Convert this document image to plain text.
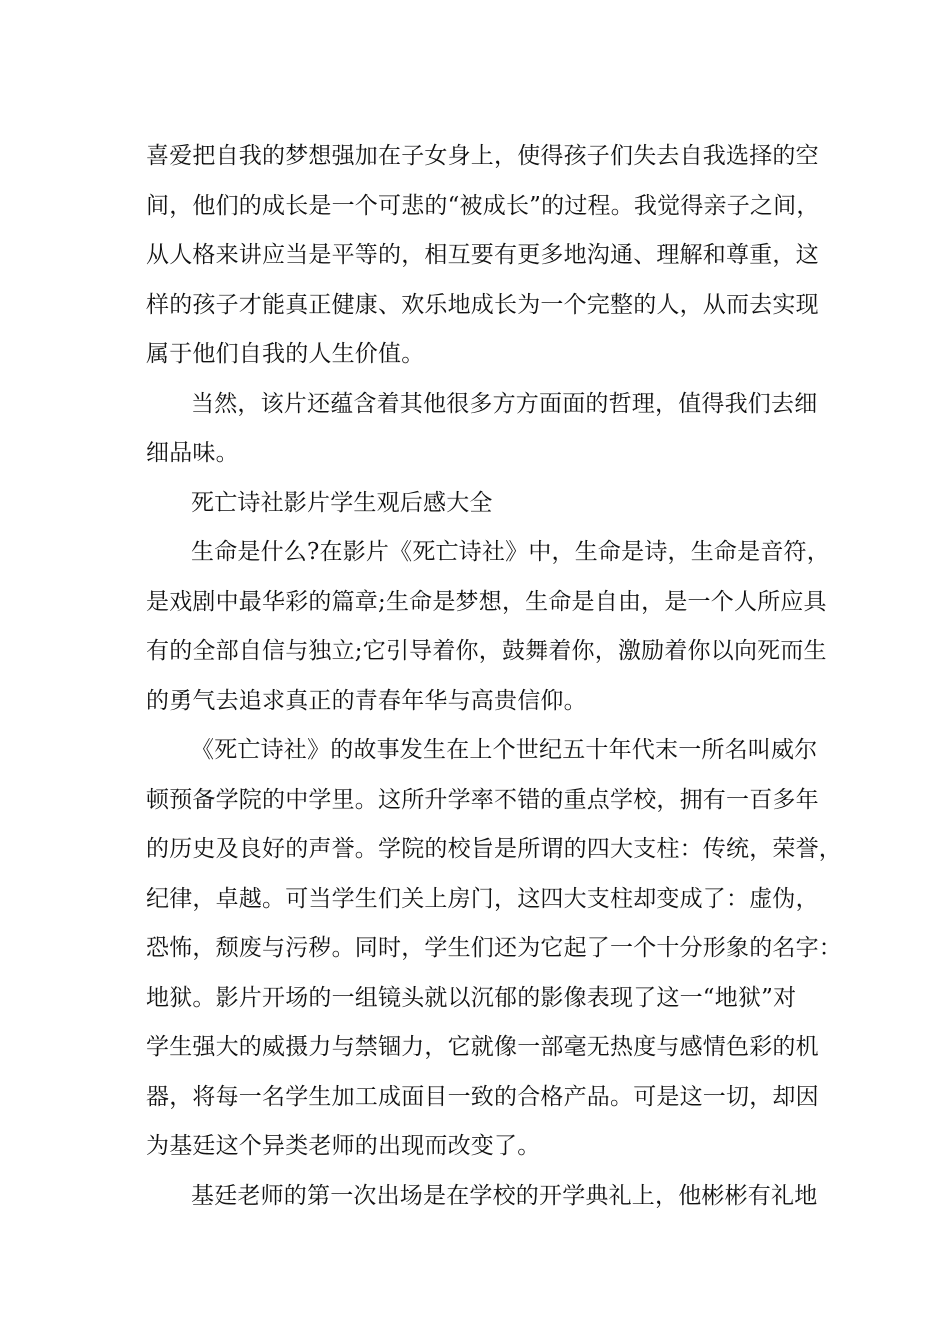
喜爱把自我的梦想强加在子女身上，使得孩子们失去自我选择的空
间，他们的成长是一个可悲的“被成长”的过程。我觉得亲子之间，
从人格来讲应当是平等的，相互要有更多地沟通、理解和尊重，这
样的孩子才能真正健康、欢乐地成长为一个完整的人，从而去实现
属于他们自我的人生价值。
当然，该片还蕴含着其他很多方方面面的哲理，值得我们去细
细品味。
死亡诗社影片学生观后感大全
生命是什么?在影片《死亡诗社》中，生命是诗，生命是音符，
是戏剧中最华彩的篇章;生命是梦想，生命是自由，是一个人所应具
有的全部自信与独立;它引导着你，鼓舞着你，激励着你以向死而生
的勇气去追求真正的青春年华与高贵信仰。
《死亡诗社》的故事发生在上个世纪五十年代末一所名叫威尔
顿预备学院的中学里。这所升学率不错的重点学校，拥有一百多年
的历史及良好的声誉。学院的校旨是所谓的四大支柱：传统，荣誉，
纪律，卓越。可当学生们关上房门，这四大支柱却变成了：虚伪，
恐怖，颓废与污秽。同时，学生们还为它起了一个十分形象的名字：
地狱。影片开场的一组镜头就以沉郁的影像表现了这一“地狱”对
学生强大的威摄力与禁锢力，它就像一部毫无热度与感情色彩的机
器，将每一名学生加工成面目一致的合格产品。可是这一切，却因
为基廷这个异类老师的出现而改变了。
基廷老师的第一次出场是在学校的开学典礼上，他彬彬有礼地
